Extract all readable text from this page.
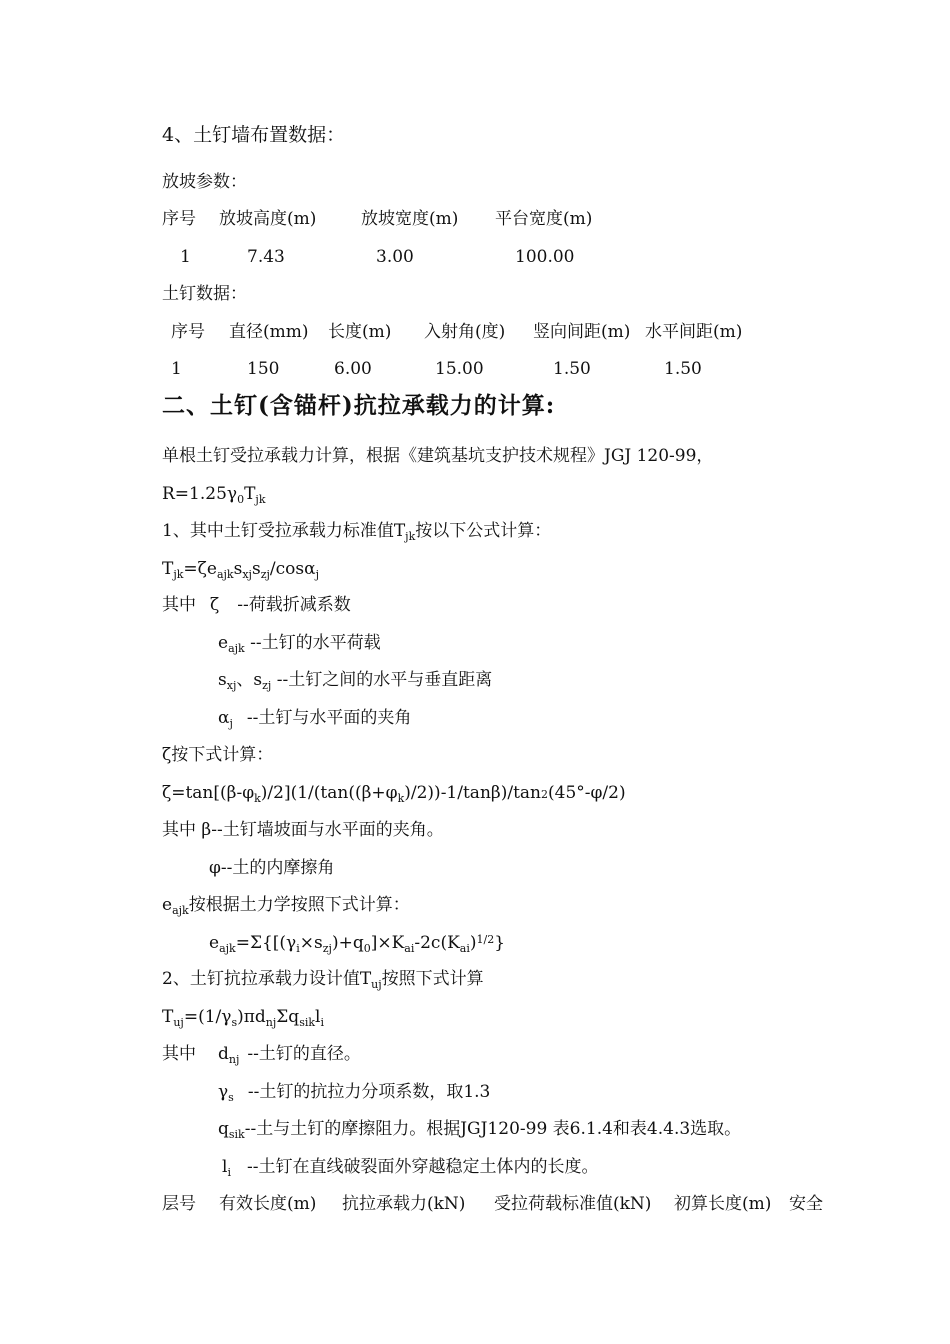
4、土钉墙布置数据：
放坡参数：
序号 放坡高度(m)	放坡宽度(m) 平台宽度(m)
1	7.43	3.00	100.00
土钉数据：
序号 直径(mm) 长度(m) 入射角(度) 竖向间距(m) 水平间距(m)
1	150	6.00	15.00	1.50	1.50
二、土钉(含锚杆)抗拉承载力的计算:
单根土钉受拉承载力计算，根据《建筑基坑支护技术规程》JGJ 120-99，
$R=1.25\gamma_0T_{jk}$
1、其中土钉受拉承载力标准值$T_{jk}$按以下公式计算：
$T_{jk}=\zeta e_{ajk}s_{xj}s_{zj}/\cos\alpha_j$
其中 ζ --荷载折减系数
$e_{ajk}$ --土钉的水平荷载
$s_{xj}$、$s_{zj}$ --土钉之间的水平与垂直距离
$\alpha_j$ --土钉与水平面的夹角
ζ按下式计算：
$\zeta=\tan[(\beta-\varphi_k)/2](1/(\tan((\beta+\varphi_k)/2))-1/\tan\beta)/\tan 2(45^\circ-\varphi/2)$
其中 β--土钉墙坡面与水平面的夹角。
φ--土的内摩擦角
$e_{ajk}$按根据土力学按照下式计算：
$e_{ajk}=\Sigma\{[(\gamma_i\times s_{zj})+q_0]\times K_{ai}-2c(K_{ai})^{1/2}\}$
2、土钉抗拉承载力设计值$T_{uj}$按照下式计算
$T_{uj}=(1/\gamma_s)\pi d_{nj}\Sigma q_{sik}l_i$
其中 $d_{nj}$ --土钉的直径。
$\gamma_s$ --土钉的抗拉力分项系数，取1.3
$q_{sik}--$土与土钉的摩擦阻力。根据JGJ120-99 表6.1.4和表4.4.3选取。
$l_i$ --土钉在直线破裂面外穿越稳定土体内的长度。
层号 有效长度(m) 抗拉承载力(kN) 受拉荷载标准值(kN) 初算长度(m) 安全
